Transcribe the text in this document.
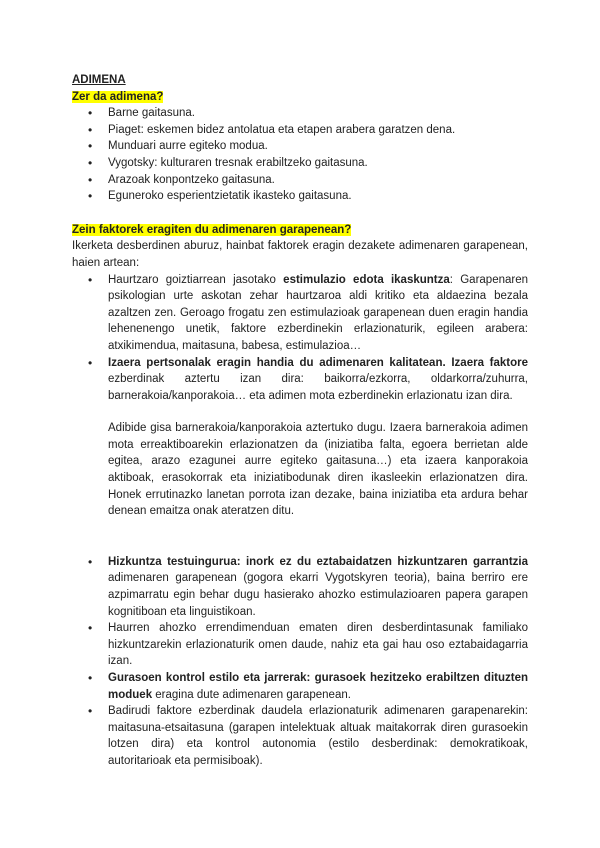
ADIMENA
Zer da adimena?
• Barne gaitasuna.
• Piaget: eskemen bidez antolatua eta etapen arabera garatzen dena.
• Munduari aurre egiteko modua.
• Vygotsky: kulturaren tresnak erabiltzeko gaitasuna.
• Arazoak konpontzeko gaitasuna.
• Eguneroko esperientzietatik ikasteko gaitasuna.
Zein faktorek eragiten du adimenaren garapenean?

Ikerketa desberdinen aburuz, hainbat faktorek eragin dezakete adimenaren garapenean, haien artean:

• Haurtzaro goiztiarrean jasotako estimulazio edota ikaskuntza: Garapenaren psikologian urte askotan zehar haurtzaroa aldi kritiko eta aldaezina bezala azaltzen zen. Geroago frogatu zen estimulazioak garapenean duen eragin handia lehenenengo unetik, faktore ezberdinekin erlazionaturik, egileen arabera: atxikimendua, maitasuna, babesa, estimulazioa…
• Izaera pertsonalak eragin handia du adimenaren kalitatean. Izaera faktore ezberdinak aztertu izan dira: baikorra/ezkorra, oldarkorra/zuhurra, barnerakoia/kanporakoia… eta adimen mota ezberdinekin erlazionatu izan dira.

Adibide gisa barnerakoia/kanporakoia aztertuko dugu. Izaera barnerakoia adimen mota erreaktiboarekin erlazionatzen da (iniziatiba falta, egoera berrietan alde egitea, arazo ezagunei aurre egiteko gaitasuna…) eta izaera kanporakoia aktiboak, erasokorrak eta iniziatibodunak diren ikasleekin erlazionatzen dira. Honek errutinazko lanetan porrota izan dezake, baina iniziatiba eta ardura behar denean emaitza onak ateratzen ditu.

• Hizkuntza testuingurua: inork ez du eztabaidatzen hizkuntzaren garrantzia adimenaren garapenean (gogora ekarri Vygotskyren teoria), baina berriro ere azpimarratu egin behar dugu hasierako ahozko estimulazioaren papera garapen kognitiboan eta linguistikoan.
• Haurren ahozko errendimenduan ematen diren desberdintasunak familiako hizkuntzarekin erlazionaturik omen daude, nahiz eta gai hau oso eztabaidagarria izan.
• Gurasoen kontrol estilo eta jarrerak: gurasoek hezitzeko erabiltzen dituzten moduek eragina dute adimenaren garapenean.
• Badirudi faktore ezberdinak daudela erlazionaturik adimenaren garapenarekin: maitasuna-etsaitasuna (garapen intelektuak altuak maitakorrak diren gurasoekin lotzen dira) eta kontrol autonomia (estilo desberdinak: demokratikoak, autoritarioak eta permisiboak).
